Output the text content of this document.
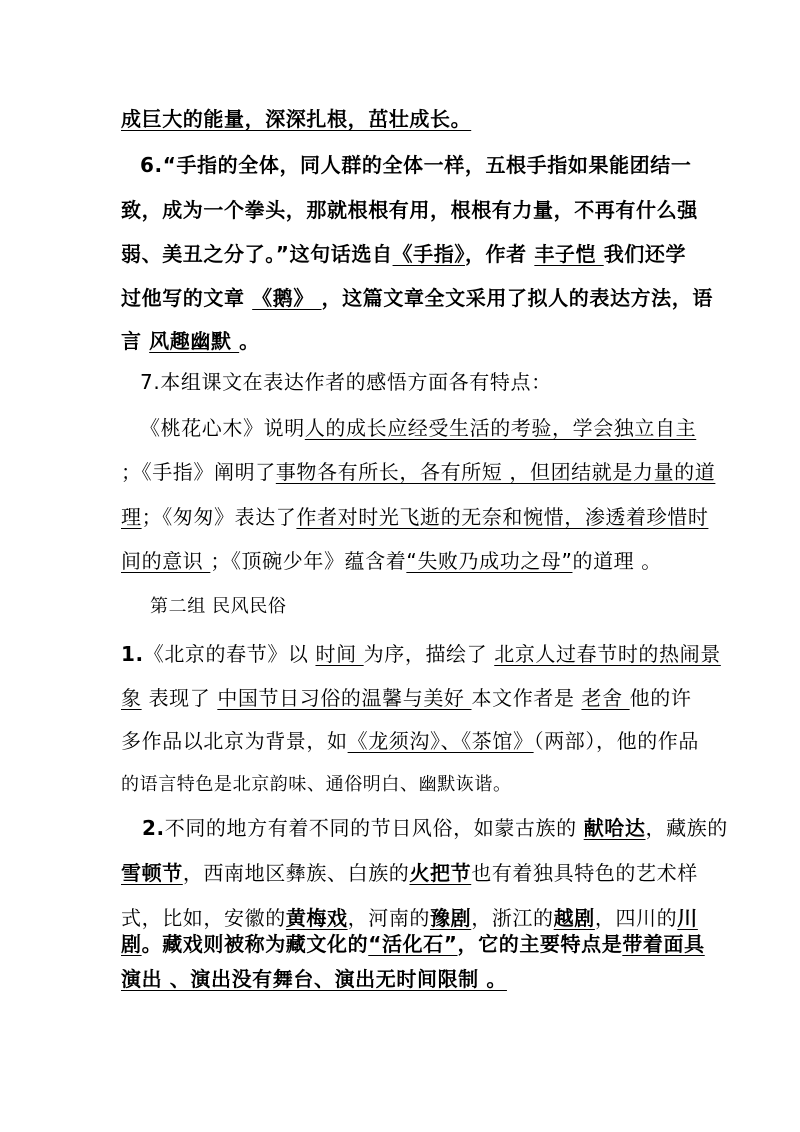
成巨大的能量，深深扎根，茁壮成长。
6.“手指的全体，同人群的全体一样，五根手指如果能团结一
致，成为一个拳头，那就根根有用，根根有力量，不再有什么强
弱、美丑之分了。”这句话选自《手指》，作者 丰子恺 我们还学
过他写的文章 《鹅》 ，这篇文章全文采用了拟人的表达方法，语
言 风趣幽默 。
7.本组课文在表达作者的感悟方面各有特点：
《桃花心木》说明人的成长应经受生活的考验，学会独立自主
；《手指》阐明了事物各有所长，各有所短 ，但团结就是力量的道
理；《匆匆》表达了作者对时光飞逝的无奈和惋惜，渗透着珍惜时
间的意识 ；《顶碗少年》蕴含着“失败乃成功之母”的道理 。
第二组 民风民俗
1.《北京的春节》以 时间 为序，描绘了 北京人过春节时的热闹景
象 表现了 中国节日习俗的温馨与美好 本文作者是 老舍 他的许
多作品以北京为背景，如《龙须沟》、《茶馆》（两部），他的作品
的语言特色是北京韵味、通俗明白、幽默诙谐。
2.不同的地方有着不同的节日风俗，如蒙古族的 献哈达，藏族的
雪顿节，西南地区彝族、白族的火把节也有着独具特色的艺术样
式，比如，安徽的黄梅戏，河南的豫剧，浙江的越剧，四川的川
剧。藏戏则被称为藏文化的“活化石”，它的主要特点是带着面具
演出 、演出没有舞台、演出无时间限制 。
